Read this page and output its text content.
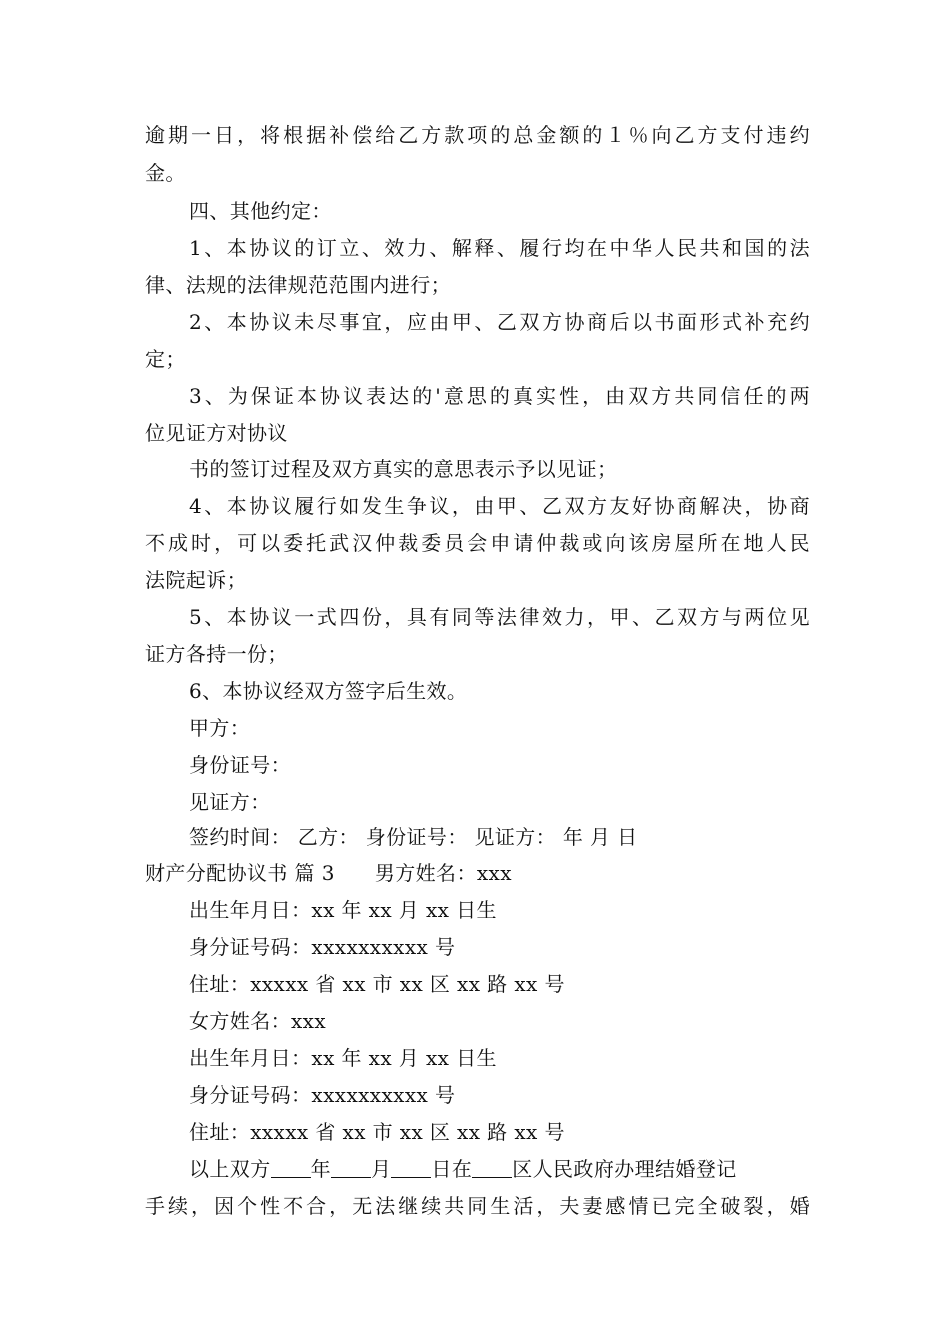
逾期一日，将根据补偿给乙方款项的总金额的１％向乙方支付违约
金。
四、其他约定：
1、本协议的订立、效力、解释、履行均在中华人民共和国的法
律、法规的法律规范范围内进行；
2、本协议未尽事宜，应由甲、乙双方协商后以书面形式补充约
定；
3、为保证本协议表达的'意思的真实性，由双方共同信任的两
位见证方对协议
书的签订过程及双方真实的意思表示予以见证；
4、本协议履行如发生争议，由甲、乙双方友好协商解决，协商
不成时，可以委托武汉仲裁委员会申请仲裁或向该房屋所在地人民
法院起诉；
5、本协议一式四份，具有同等法律效力，甲、乙双方与两位见
证方各持一份；
6、本协议经双方签字后生效。
甲方：
身份证号：
见证方：
签约时间： 乙方： 身份证号： 见证方： 年 月 日
财产分配协议书 篇 3 男方姓名：xxx
出生年月日：xx 年 xx 月 xx 日生
身分证号码：xxxxxxxxxx 号
住址：xxxxx 省 xx 市 xx 区 xx 路 xx 号
女方姓名：xxx
出生年月日：xx 年 xx 月 xx 日生
身分证号码：xxxxxxxxxx 号
住址：xxxxx 省 xx 市 xx 区 xx 路 xx 号
以上双方 年 月 日在 区人民政府办理结婚登记
手续，因个性不合，无法继续共同生活，夫妻感情已完全破裂，婚
